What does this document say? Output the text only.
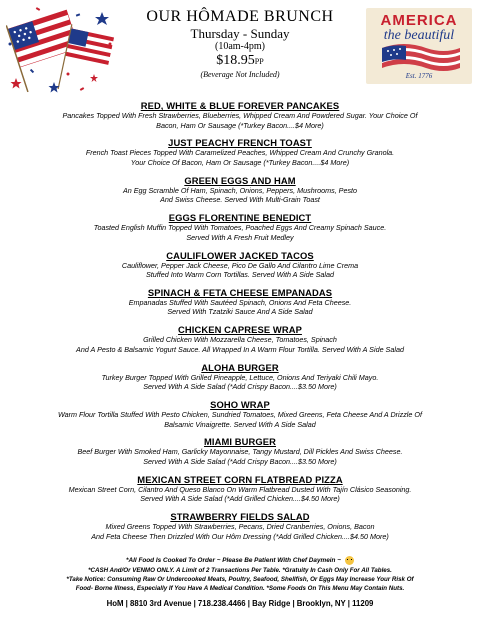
AMERICA
the beautiful
Est. 1776
OUR HÔMADE BRUNCH
Thursday - Sunday
(10am-4pm)
$18.95PP
(Beverage Not Included)
RED, WHITE & BLUE FOREVER PANCAKES
Pancakes Topped With Fresh Strawberries, Blueberries, Whipped Cream And Powdered Sugar. Your Choice Of
Bacon, Ham Or Sausage (*Turkey Bacon....$4 More)
JUST PEACHY FRENCH TOAST
French Toast Pieces Topped With Caramelized Peaches, Whipped Cream And Crunchy Granola.
Your Choice Of Bacon, Ham Or Sausage (*Turkey Bacon....$4 More)
GREEN EGGS AND HAM
An Egg Scramble Of Ham, Spinach, Onions, Peppers, Mushrooms, Pesto
And Swiss Cheese. Served With Multi-Grain Toast
EGGS FLORENTINE BENEDICT
Toasted English Muffin Topped With Tomatoes, Poached Eggs And Creamy Spinach Sauce.
Served With A Fresh Fruit Medley
CAULIFLOWER JACKED TACOS
Cauliflower, Pepper Jack Cheese, Pico De Gallo And Cilantro Lime Crema
Stuffed Into Warm Corn Tortillas. Served With A Side Salad
SPINACH & FETA CHEESE EMPANADAS
Empanadas Stuffed With Sautéed Spinach, Onions And Feta Cheese.
Served With Tzatziki Sauce And A Side Salad
CHICKEN CAPRESE WRAP
Grilled Chicken With Mozzarella Cheese, Tomatoes, Spinach
And A Pesto & Balsamic Yogurt Sauce. All Wrapped In A Warm Flour Tortilla. Served With A Side Salad
ALOHA BURGER
Turkey Burger Topped With Grilled Pineapple, Lettuce, Onions And Teriyaki Chili Mayo.
Served With A Side Salad (*Add Crispy Bacon....$3.50 More)
SOHO WRAP
Warm Flour Tortilla Stuffed With Pesto Chicken, Sundried Tomatoes, Mixed Greens, Feta Cheese And A Drizzle Of
Balsamic Vinaigrette. Served With A Side Salad
MIAMI BURGER
Beef Burger With Smoked Ham, Garlicky Mayonnaise, Tangy Mustard, Dill Pickles And Swiss Cheese.
Served With A Side Salad (*Add Crispy Bacon....$3.50 More)
MEXICAN STREET CORN FLATBREAD PIZZA
Mexican Street Corn, Cilantro And Queso Blanco On Warm Flatbread Dusted With Tajín Clásico Seasoning.
Served With A Side Salad (*Add Grilled Chicken....$4.50 More)
STRAWBERRY FIELDS SALAD
Mixed Greens Topped With Strawberries, Pecans, Dried Cranberries, Onions, Bacon
And Feta Cheese Then Drizzled With Our Hôm Dressing (*Add Grilled Chicken....$4.50 More)
*All Food Is Cooked To Order ~ Please Be Patient With Chef Daymein ~
*CASH And/Or VENMO ONLY. A Limit of 2 Transactions Per Table. *Gratuity In Cash Only For All Tables.
*Take Notice: Consuming Raw Or Undercooked Meats, Poultry, Seafood, Shellfish, Or Eggs May Increase Your Risk Of
Food- Borne Illness, Especially If You Have A Medical Condition. *Some Foods On This Menu May Contain Nuts.
HoM | 8810 3rd Avenue | 718.238.4466 | Bay Ridge | Brooklyn, NY | 11209
